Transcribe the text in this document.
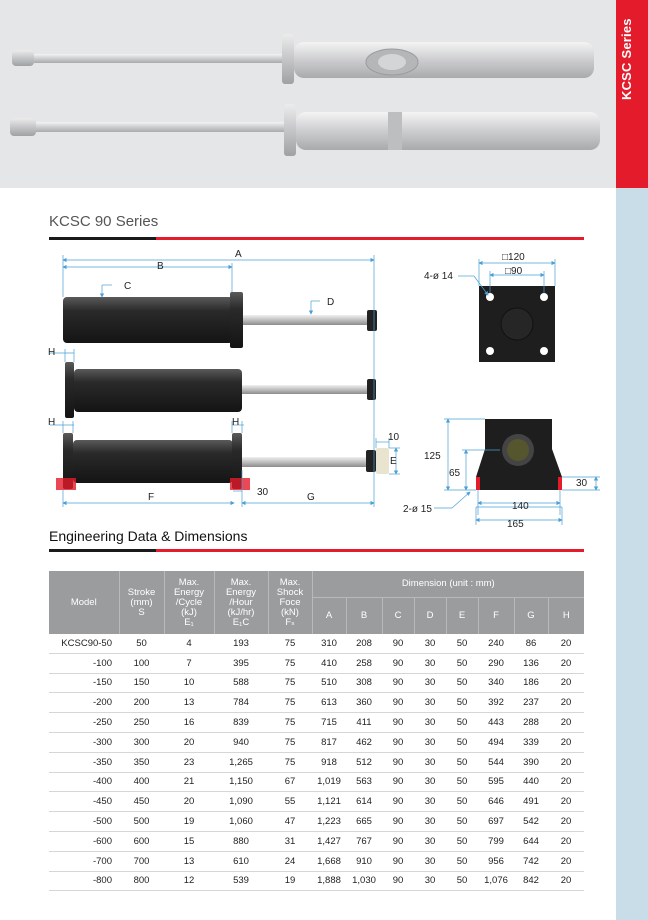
KCSC Series
KCSC 90 Series
A
B
C
D
H
H	H
10
E
F	30	G
□120
□90
4-ø 14
125
65
30
140
165
2-ø 15
Engineering Data & Dimensions
Model	Stroke
(mm)
S	Max.
Energy
/Cycle
(kJ)
E₁	Max.
Energy
/Hour
(kJ/hr)
E₁C	Max.
Shock
Foce
(kN)
Fₛ	Dimension (unit : mm)							
					A	B	C	D	E	F	G	H
KCSC90-50	50	4	193	75	310	208	90	30	50	240	86	20
-100	100	7	395	75	410	258	90	30	50	290	136	20
-150	150	10	588	75	510	308	90	30	50	340	186	20
-200	200	13	784	75	613	360	90	30	50	392	237	20
-250	250	16	839	75	715	411	90	30	50	443	288	20
-300	300	20	940	75	817	462	90	30	50	494	339	20
-350	350	23	1,265	75	918	512	90	30	50	544	390	20
-400	400	21	1,150	67	1,019	563	90	30	50	595	440	20
-450	450	20	1,090	55	1,121	614	90	30	50	646	491	20
-500	500	19	1,060	47	1,223	665	90	30	50	697	542	20
-600	600	15	880	31	1,427	767	90	30	50	799	644	20
-700	700	13	610	24	1,668	910	90	30	50	956	742	20
-800	800	12	539	19	1,888	1,030	90	30	50	1,076	842	20
